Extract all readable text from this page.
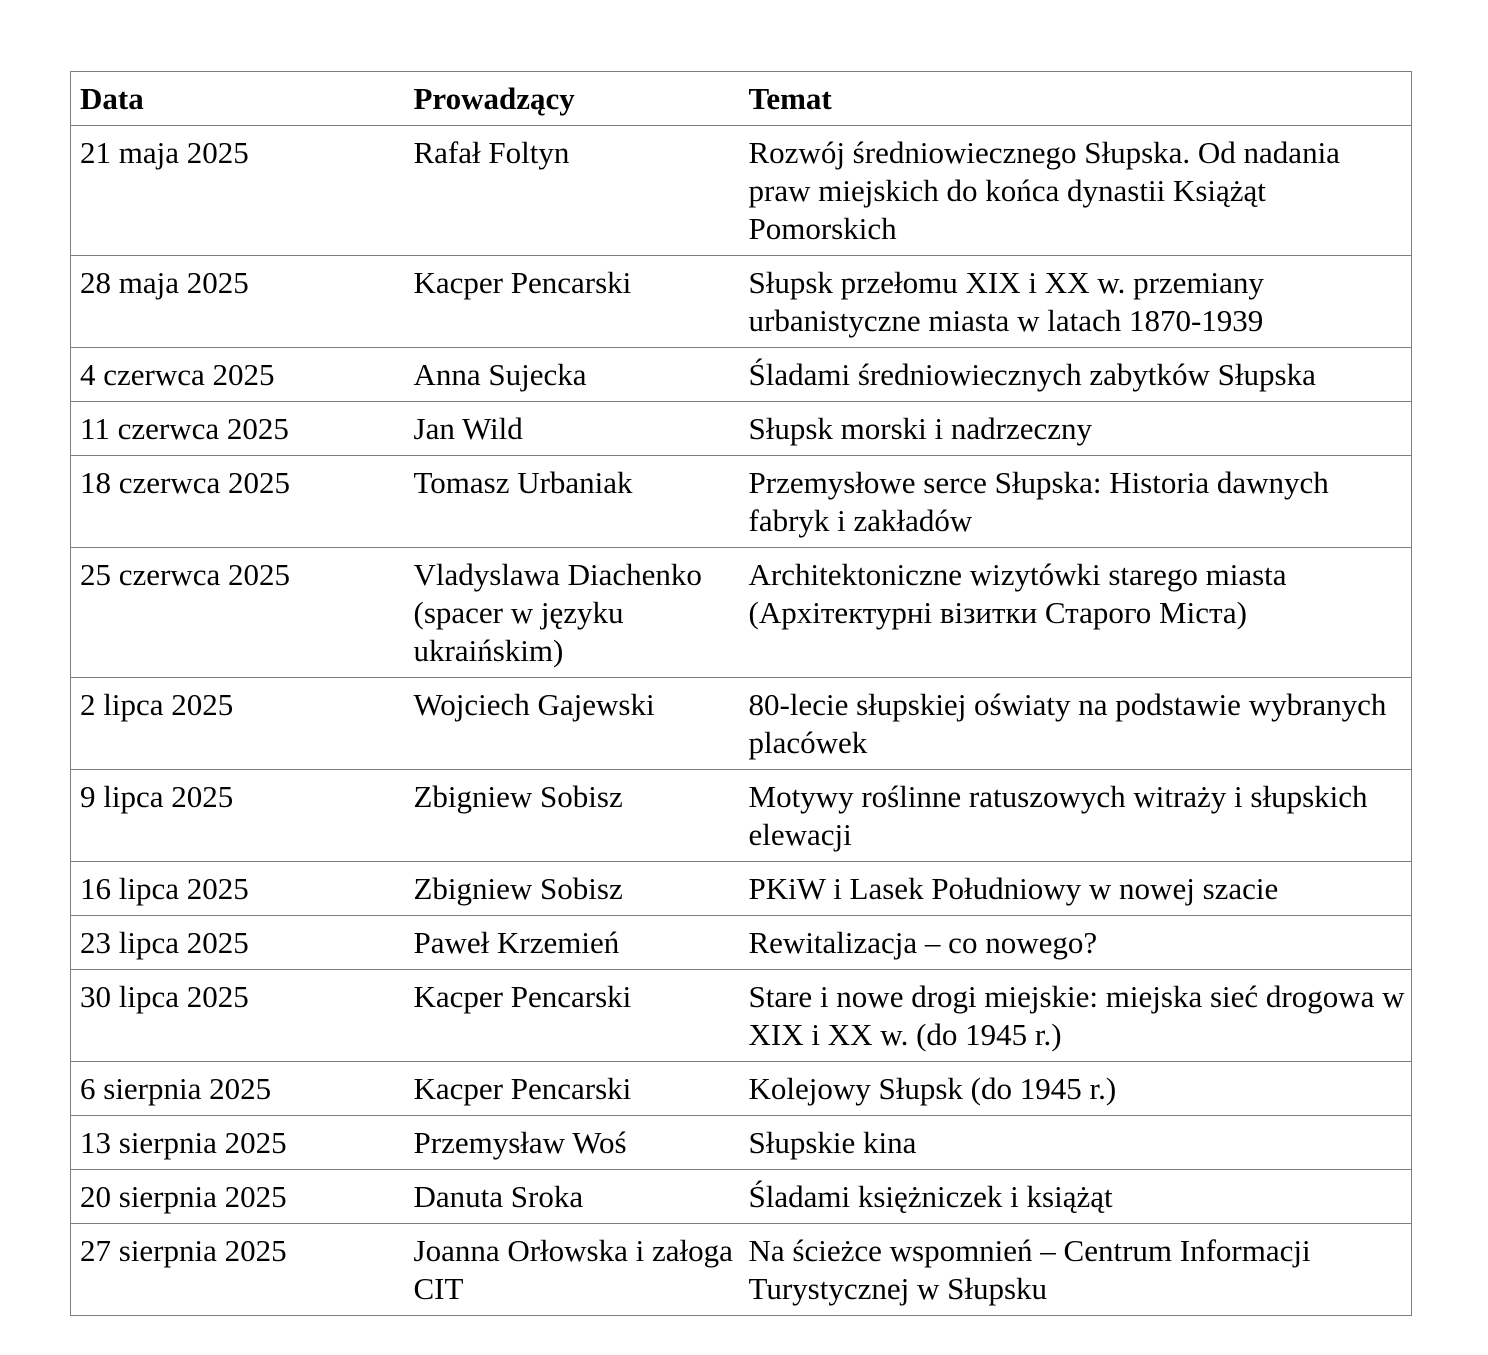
Data	Prowadzący	Temat
21 maja 2025	Rafał Foltyn	Rozwój średniowiecznego Słupska. Od nadania praw miejskich do końca dynastii Książąt Pomorskich
28 maja 2025	Kacper Pencarski	Słupsk przełomu XIX i XX w. przemiany urbanistyczne miasta w latach 1870-1939
4 czerwca 2025	Anna Sujecka	Śladami średniowiecznych zabytków Słupska
11 czerwca 2025	Jan Wild	Słupsk morski i nadrzeczny
18 czerwca 2025	Tomasz Urbaniak	Przemysłowe serce Słupska: Historia dawnych fabryk i zakładów
25 czerwca 2025	Vladyslawa Diachenko (spacer w języku ukraińskim)	Architektoniczne wizytówki starego miasta (Архітектурні візитки Старого Міста)
2 lipca 2025	Wojciech Gajewski	80-lecie słupskiej oświaty na podstawie wybranych placówek
9 lipca 2025	Zbigniew Sobisz	Motywy roślinne ratuszowych witraży i słupskich elewacji
16 lipca 2025	Zbigniew Sobisz	PKiW i Lasek Południowy w nowej szacie
23 lipca 2025	Paweł Krzemień	Rewitalizacja – co nowego?
30 lipca 2025	Kacper Pencarski	Stare i nowe drogi miejskie: miejska sieć drogowa w XIX i XX w. (do 1945 r.)
6 sierpnia 2025	Kacper Pencarski	Kolejowy Słupsk (do 1945 r.)
13 sierpnia 2025	Przemysław Woś	Słupskie kina
20 sierpnia 2025	Danuta Sroka	Śladami księżniczek i książąt
27 sierpnia 2025	Joanna Orłowska i załoga CIT	Na ścieżce wspomnień – Centrum Informacji Turystycznej w Słupsku
